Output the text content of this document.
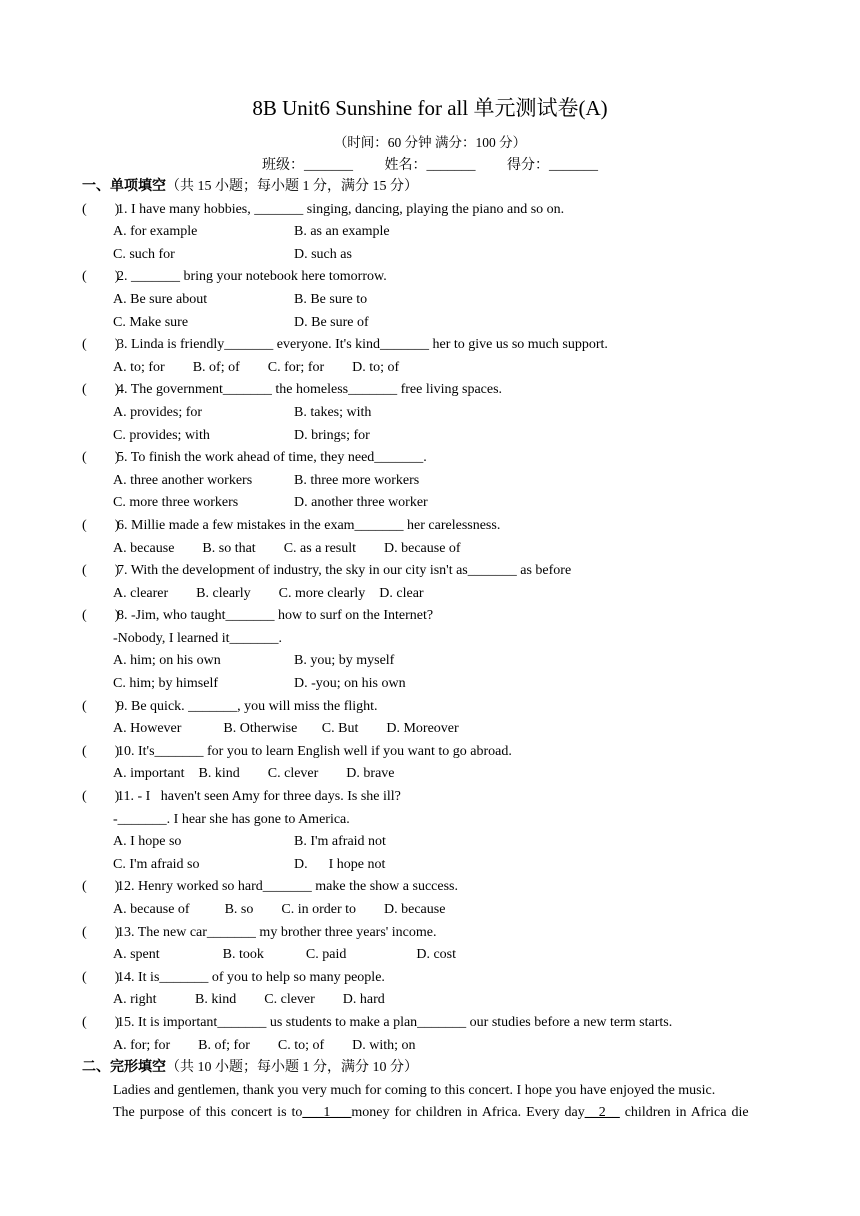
8B Unit6 Sunshine for all 单元测试卷(A)
（时间：60 分钟 满分：100 分）
班级：_______ 姓名：_______ 得分：_______
一、单项填空（共 15 小题；每小题 1 分，满分 15 分）
(        )1. I have many hobbies, _______ singing, dancing, playing the piano and so on.
A. for example	B. as an example
C. such for	D. such as
(        )2. _______ bring your notebook here tomorrow.
A. Be sure about	B. Be sure to
C. Make sure	D. Be sure of
(        )3. Linda is friendly_______ everyone. It's kind_______ her to give us so much support.
A. to; for        B. of; of        C. for; for        D. to; of
(        )4. The government_______ the homeless_______ free living spaces.
A. provides; for	B. takes; with
C. provides; with	D. brings; for
(        )5. To finish the work ahead of time, they need_______.
A. three another workers	B. three more workers
C. more three workers	D. another three worker
(        )6. Millie made a few mistakes in the exam_______ her carelessness.
A. because        B. so that        C. as a result        D. because of
(        )7. With the development of industry, the sky in our city isn't as_______ as before
A. clearer        B. clearly        C. more clearly    D. clear
(        )8. -Jim, who taught_______ how to surf on the Internet?
-Nobody, I learned it_______.
A. him; on his own	B. you; by myself
C. him; by himself	D. -you; on his own
(        )9. Be quick. _______, you will miss the flight.
A. However            B. Otherwise       C. But        D. Moreover
(        )10. It's_______ for you to learn English well if you want to go abroad.
A. important    B. kind        C. clever        D. brave
(        )11. - I   haven't seen Amy for three days. Is she ill?
-_______. I hear she has gone to America.
A. I hope so	B. I'm afraid not
C. I'm afraid so	D.      I hope not
(        )12. Henry worked so hard_______ make the show a success.
A. because of          B. so        C. in order to        D. because
(        )13. The new car_______ my brother three years' income.
A. spent                  B. took            C. paid                    D. cost
(        )14. It is_______ of you to help so many people.
A. right           B. kind        C. clever        D. hard
(        )15. It is important_______ us students to make a plan_______ our studies before a new term starts.
A. for; for        B. of; for        C. to; of        D. with; on
二、完形填空（共 10 小题；每小题 1 分，满分 10 分）
Ladies and gentlemen, thank you very much for coming to this concert. I hope you have enjoyed the music.
The purpose of this concert is to___1___money for children in Africa. Every day__2__ children in Africa die
